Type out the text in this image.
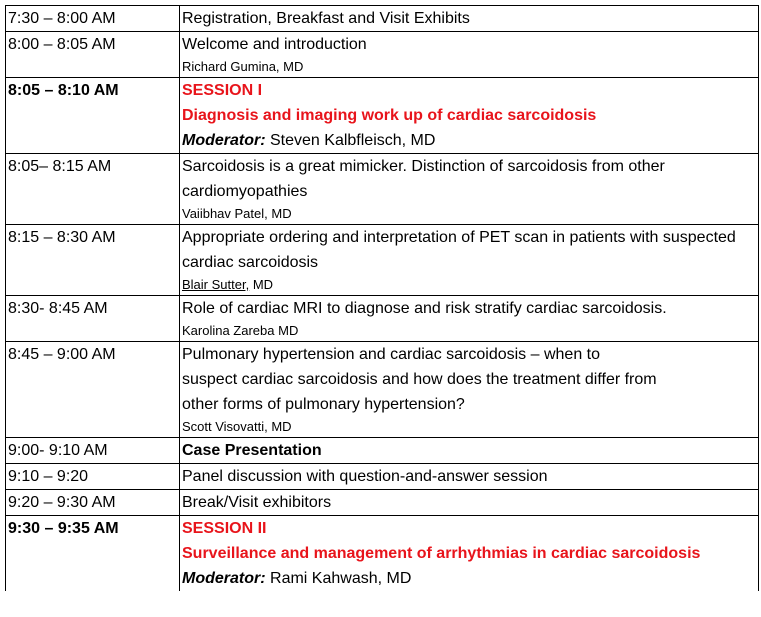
7:30 – 8:00 AM	Registration, Breakfast and Visit Exhibits
8:00 – 8:05 AM	Welcome and introduction
Richard Gumina, MD

8:05 – 8:10 AM	SESSION I
Diagnosis and imaging work up of cardiac sarcoidosis
Moderator: Steven Kalbfleisch, MD

8:05– 8:15 AM	Sarcoidosis is a great mimicker. Distinction of sarcoidosis from other cardiomyopathies
Vaiibhav Patel, MD

8:15 – 8:30 AM	Appropriate ordering and interpretation of PET scan in patients with suspected cardiac sarcoidosis
Blair Sutter, MD

8:30- 8:45 AM	Role of cardiac MRI to diagnose and risk stratify cardiac sarcoidosis.
Karolina Zareba MD

8:45 – 9:00 AM	Pulmonary hypertension and cardiac sarcoidosis – when to
suspect cardiac sarcoidosis and how does the treatment differ from
other forms of pulmonary hypertension?
Scott Visovatti, MD

9:00- 9:10 AM	Case Presentation
9:10 – 9:20	Panel discussion with question-and-answer session
9:20 – 9:30 AM	Break/Visit exhibitors
9:30 – 9:35 AM	SESSION II
Surveillance and management of arrhythmias in cardiac sarcoidosis
Moderator: Rami Kahwash, MD
